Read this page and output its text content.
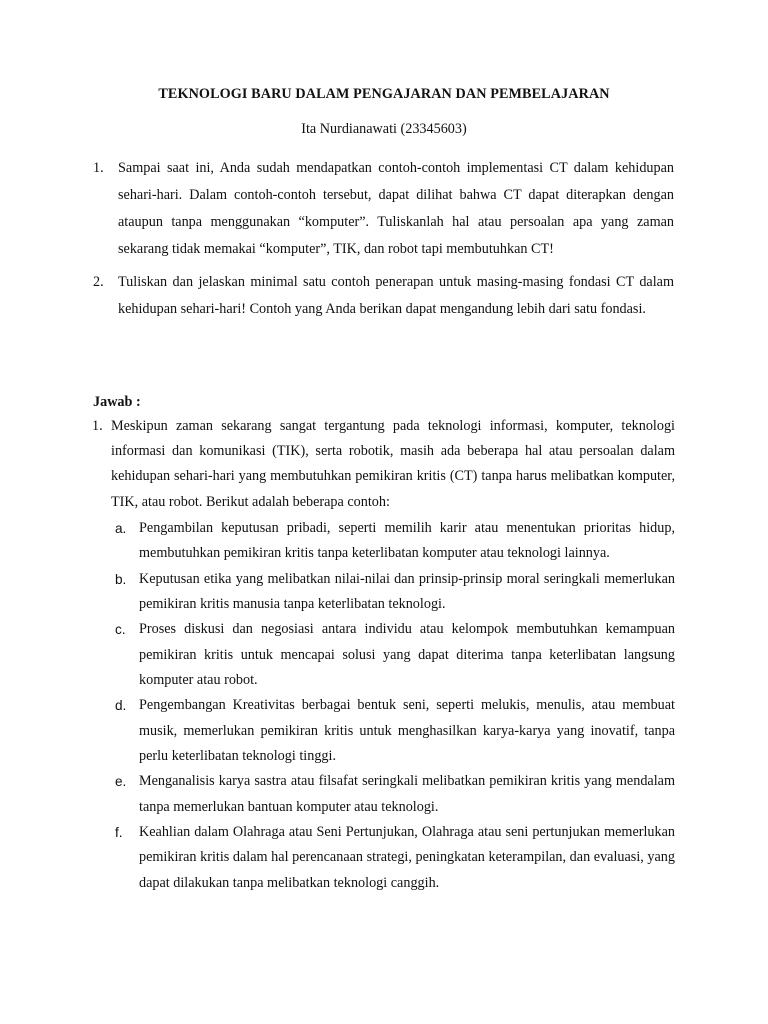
TEKNOLOGI BARU DALAM PENGAJARAN DAN PEMBELAJARAN
Ita Nurdianawati (23345603)
1. Sampai saat ini, Anda sudah mendapatkan contoh-contoh implementasi CT dalam kehidupan sehari-hari. Dalam contoh-contoh tersebut, dapat dilihat bahwa CT dapat diterapkan dengan ataupun tanpa menggunakan “komputer”. Tuliskanlah hal atau persoalan apa yang zaman sekarang tidak memakai “komputer”, TIK, dan robot tapi membutuhkan CT!
2. Tuliskan dan jelaskan minimal satu contoh penerapan untuk masing-masing fondasi CT dalam kehidupan sehari-hari! Contoh yang Anda berikan dapat mengandung lebih dari satu fondasi.
Jawab :

1. Meskipun zaman sekarang sangat tergantung pada teknologi informasi, komputer, teknologi informasi dan komunikasi (TIK), serta robotik, masih ada beberapa hal atau persoalan dalam kehidupan sehari-hari yang membutuhkan pemikiran kritis (CT) tanpa harus melibatkan komputer, TIK, atau robot. Berikut adalah beberapa contoh:

a. Pengambilan keputusan pribadi, seperti memilih karir atau menentukan prioritas hidup, membutuhkan pemikiran kritis tanpa keterlibatan komputer atau teknologi lainnya.
b. Keputusan etika yang melibatkan nilai-nilai dan prinsip-prinsip moral seringkali memerlukan pemikiran kritis manusia tanpa keterlibatan teknologi.
c. Proses diskusi dan negosiasi antara individu atau kelompok membutuhkan kemampuan pemikiran kritis untuk mencapai solusi yang dapat diterima tanpa keterlibatan langsung komputer atau robot.
d. Pengembangan Kreativitas berbagai bentuk seni, seperti melukis, menulis, atau membuat musik, memerlukan pemikiran kritis untuk menghasilkan karya-karya yang inovatif, tanpa perlu keterlibatan teknologi tinggi.
e. Menganalisis karya sastra atau filsafat seringkali melibatkan pemikiran kritis yang mendalam tanpa memerlukan bantuan komputer atau teknologi.
f. Keahlian dalam Olahraga atau Seni Pertunjukan, Olahraga atau seni pertunjukan memerlukan pemikiran kritis dalam hal perencanaan strategi, peningkatan keterampilan, dan evaluasi, yang dapat dilakukan tanpa melibatkan teknologi canggih.
